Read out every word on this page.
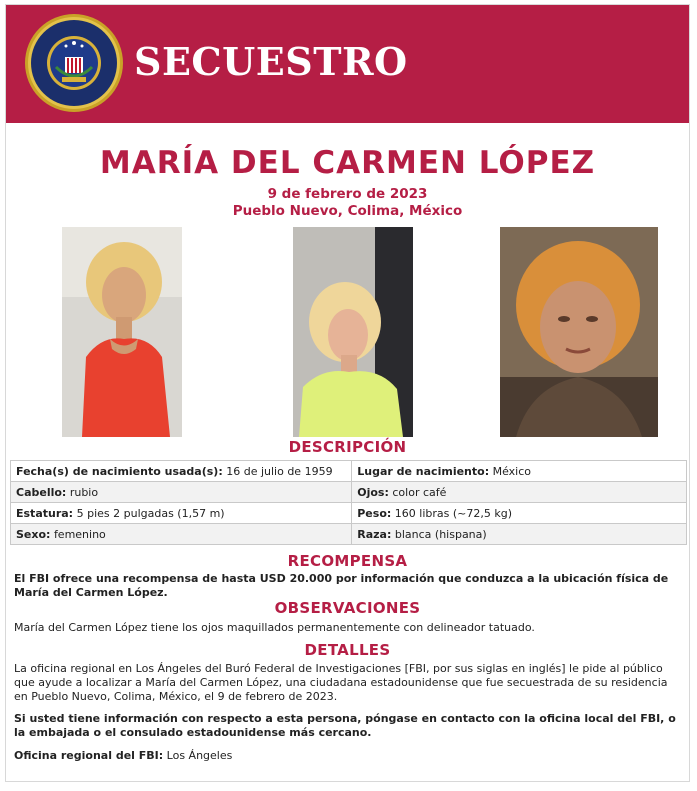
SECUESTRO
MARÍA DEL CARMEN LÓPEZ
9 de febrero de 2023
Pueblo Nuevo, Colima, México
DESCRIPCIÓN
Fecha(s) de nacimiento usada(s): 16 de julio de 1959	Lugar de nacimiento: México
Cabello: rubio	Ojos: color café
Estatura: 5 pies 2 pulgadas (1,57 m)	Peso: 160 libras (~72,5 kg)
Sexo: femenino	Raza: blanca (hispana)
RECOMPENSA
El FBI ofrece una recompensa de hasta USD 20.000 por información que conduzca a la ubicación física de María del Carmen López.
OBSERVACIONES
María del Carmen López tiene los ojos maquillados permanentemente con delineador tatuado.
DETALLES
La oficina regional en Los Ángeles del Buró Federal de Investigaciones [FBI, por sus siglas en inglés] le pide al público que ayude a localizar a María del Carmen López, una ciudadana estadounidense que fue secuestrada de su residencia en Pueblo Nuevo, Colima, México, el 9 de febrero de 2023.
Si usted tiene información con respecto a esta persona, póngase en contacto con la oficina local del FBI, o la embajada o el consulado estadounidense más cercano.
Oficina regional del FBI: Los Ángeles
